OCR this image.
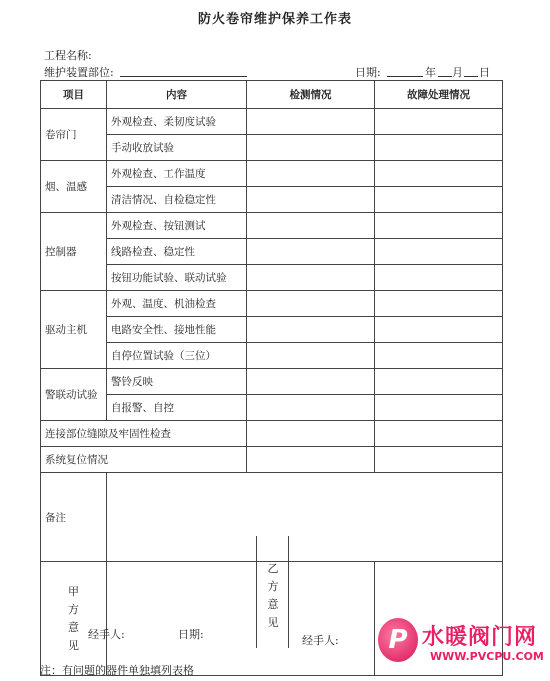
防火卷帘维护保养工作表
工程名称:
维护装置部位:	日期:	年 月 日
项目	内容	检测情况	故障处理情况
卷帘门	外观检查、柔韧度试验		
	手动收放试验		
烟、温感	外观检查、工作温度		
	清洁情况、自检稳定性		
控制器	外观检查、按钮测试		
	线路检查、稳定性		
	按钮功能试验、联动试验		
驱动主机	外观、温度、机油检查		
	电路安全性、接地性能		
	自停位置试验（三位）		
警联动试验	警铃反映		
	自报警、自控		
连接部位缝隙及牢固性检查			
系统复位情况			
备注			

甲
方
意
见			

乙
方
意
见
经手人:	日期:	经手人:
注：有问题的器件单独填列表格
P 水暖阀门网
WWW.PVCPU.COM
